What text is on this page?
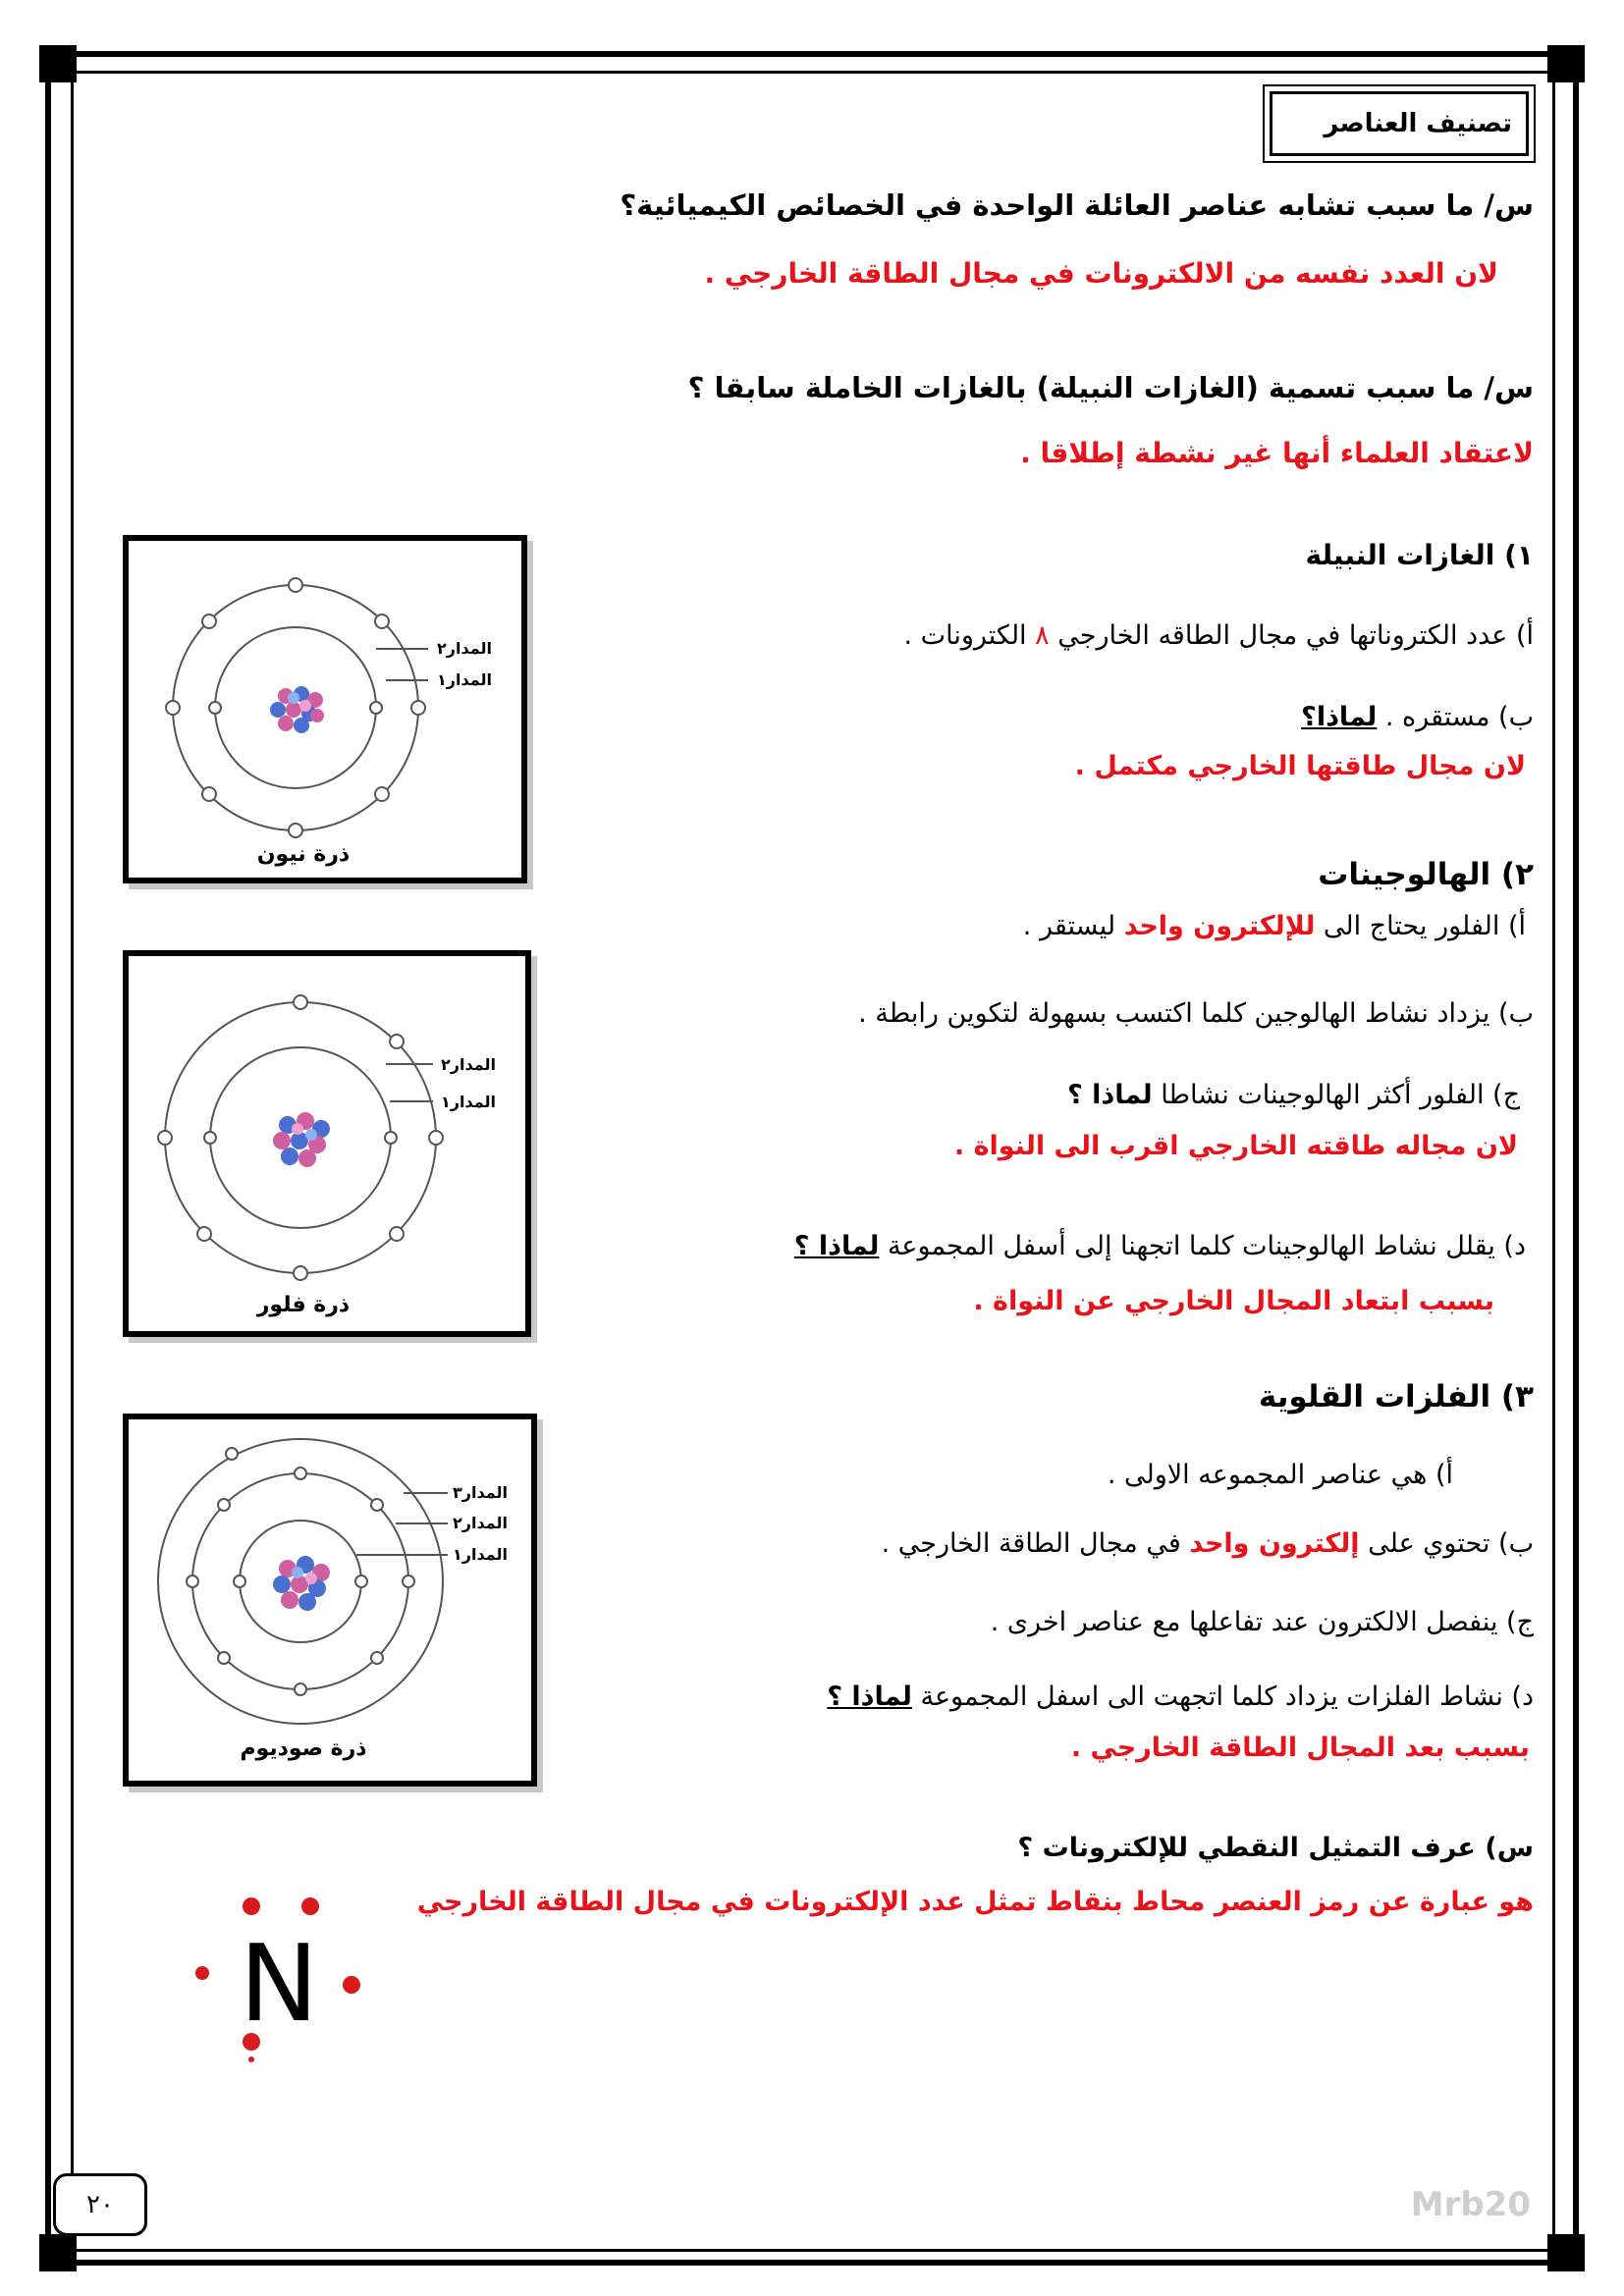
تصنيف العناصر
س/ ما سبب تشابه عناصر العائلة الواحدة في الخصائص الكيميائية؟
لان العدد نفسه من الالكترونات في مجال الطاقة الخارجي .
س/ ما سبب تسمية (الغازات النبيلة) بالغازات الخاملة سابقا ؟
لاعتقاد العلماء أنها غير نشطة إطلاقا .
١) الغازات النبيلة
أ) عدد الكتروناتها في مجال الطاقه الخارجي ٨ الكترونات .
ب) مستقره . لماذا؟
لان مجال طاقتها الخارجي مكتمل .
٢) الهالوجينات
أ) الفلور يحتاج الى للإلكترون واحد ليستقر .
ب) يزداد نشاط الهالوجين كلما اكتسب بسهولة لتكوين رابطة .
ج) الفلور أكثر الهالوجينات نشاطا لماذا ؟
لان مجاله طاقته الخارجي اقرب الى النواة .
د) يقلل نشاط الهالوجينات كلما اتجهنا إلى أسفل المجموعة لماذا ؟
بسبب ابتعاد المجال الخارجي عن النواة .
٣) الفلزات القلوية
أ) هي عناصر المجموعه الاولى .
ب) تحتوي على إلكترون واحد في مجال الطاقة الخارجي .
ج) ينفصل الالكترون عند تفاعلها مع عناصر اخرى .
د) نشاط الفلزات يزداد كلما اتجهت الى اسفل المجموعة لماذا ؟
بسبب بعد المجال الطاقة الخارجي .
س) عرف التمثيل النقطي للإلكترونات ؟
هو عبارة عن رمز العنصر محاط بنقاط تمثل عدد الإلكترونات في مجال الطاقة الخارجي
المدار٢
المدار١
ذرة نيون
المدار٢
المدار١
ذرة فلور
المدار٣
المدار٢
المدار١
ذرة صوديوم
N
٢٠	Mrb20
